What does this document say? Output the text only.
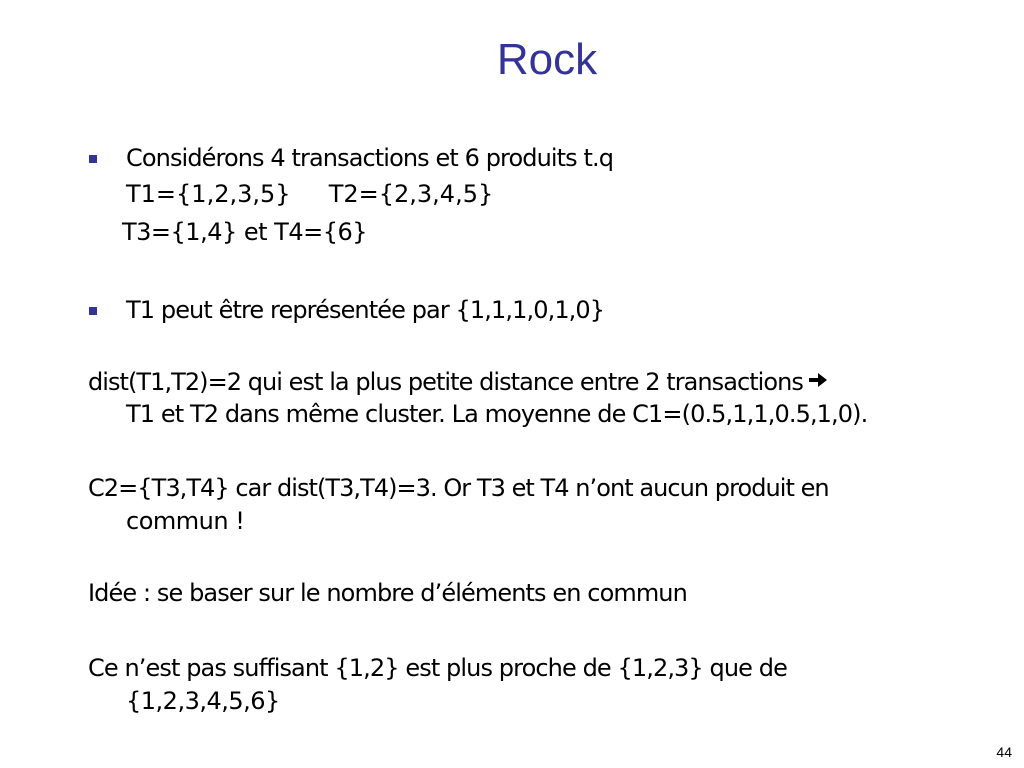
Rock
Considérons 4 transactions et 6 produits t.q
T1={1,2,3,5}     T2={2,3,4,5}
T3={1,4} et T4={6}
T1 peut être représentée par {1,1,1,0,1,0}
dist(T1,T2)=2 qui est la plus petite distance entre 2 transactions
T1 et T2 dans même cluster. La moyenne de C1=(0.5,1,1,0.5,1,0).
C2={T3,T4} car dist(T3,T4)=3. Or T3 et T4 n’ont aucun produit en
commun !
Idée : se baser sur le nombre d’éléments en commun
Ce n’est pas suffisant {1,2} est plus proche de {1,2,3} que de
{1,2,3,4,5,6}
44
